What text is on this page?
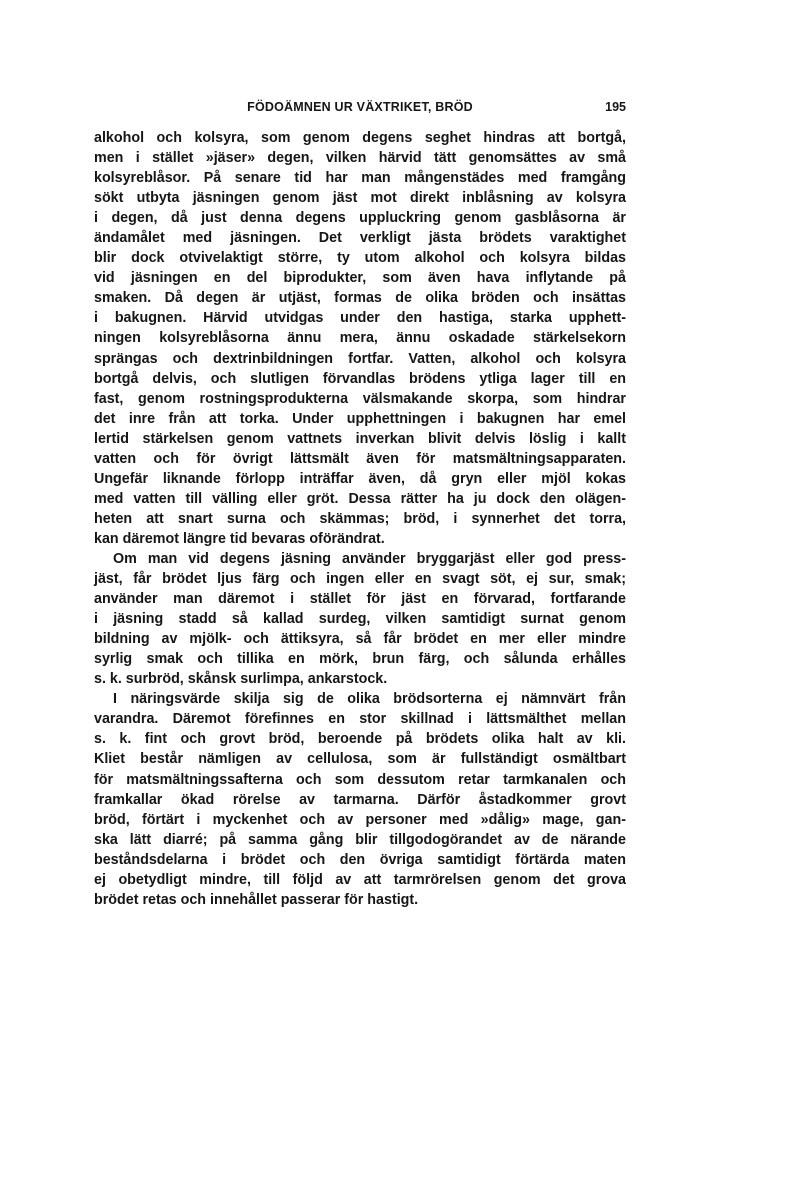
FÖDOÄMNEN UR VÄXTRIKET, BRÖD	195
alkohol och kolsyra, som genom degens seghet hindras att bortgå,
men i stället »jäser» degen, vilken härvid tätt genomsättes av små
kolsyreblåsor. På senare tid har man mångenstädes med framgång
sökt utbyta jäsningen genom jäst mot direkt inblåsning av kolsyra
i degen, då just denna degens uppluckring genom gasblåsorna är
ändamålet med jäsningen. Det verkligt jästa brödets varaktighet
blir dock otvivelaktigt större, ty utom alkohol och kolsyra bildas
vid jäsningen en del biprodukter, som även hava inflytande på
smaken. Då degen är utjäst, formas de olika bröden och insättas
i bakugnen. Härvid utvidgas under den hastiga, starka upphett-
ningen kolsyreblåsorna ännu mera, ännu oskadade stärkelsekorn
sprängas och dextrinbildningen fortfar. Vatten, alkohol och kolsyra
bortgå delvis, och slutligen förvandlas brödens ytliga lager till en
fast, genom rostningsprodukterna välsmakande skorpa, som hindrar
det inre från att torka. Under upphettningen i bakugnen har emel
lertid stärkelsen genom vattnets inverkan blivit delvis löslig i kallt
vatten och för övrigt lättsmält även för matsmältningsapparaten.
Ungefär liknande förlopp inträffar även, då gryn eller mjöl kokas
med vatten till välling eller gröt. Dessa rätter ha ju dock den olägen-
heten att snart surna och skämmas; bröd, i synnerhet det torra,
kan däremot längre tid bevaras oförändrat.
Om man vid degens jäsning använder bryggarjäst eller god press-
jäst, får brödet ljus färg och ingen eller en svagt söt, ej sur, smak;
använder man däremot i stället för jäst en förvarad, fortfarande
i jäsning stadd så kallad surdeg, vilken samtidigt surnat genom
bildning av mjölk- och ättiksyra, så får brödet en mer eller mindre
syrlig smak och tillika en mörk, brun färg, och sålunda erhålles
s. k. surbröd, skånsk surlimpa, ankarstock.
I näringsvärde skilja sig de olika brödsorterna ej nämnvärt från
varandra. Däremot förefinnes en stor skillnad i lättsmälthet mellan
s. k. fint och grovt bröd, beroende på brödets olika halt av kli.
Kliet består nämligen av cellulosa, som är fullständigt osmältbart
för matsmältningssafterna och som dessutom retar tarmkanalen och
framkallar ökad rörelse av tarmarna. Därför åstadkommer grovt
bröd, förtärt i myckenhet och av personer med »dålig» mage, gan-
ska lätt diarré; på samma gång blir tillgodogörandet av de närande
beståndsdelarna i brödet och den övriga samtidigt förtärda maten
ej obetydligt mindre, till följd av att tarmrörelsen genom det grova
brödet retas och innehållet passerar för hastigt.
